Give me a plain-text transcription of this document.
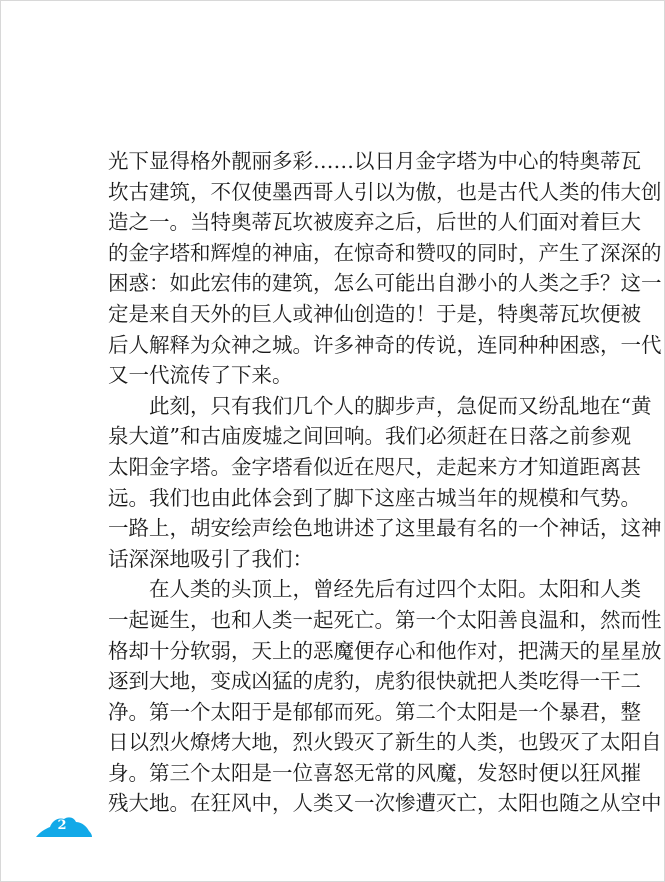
光下显得格外靓丽多彩……以日月金字塔为中心的特奥蒂瓦
坎古建筑，不仅使墨西哥人引以为傲，也是古代人类的伟大创
造之一。当特奥蒂瓦坎被废弃之后，后世的人们面对着巨大
的金字塔和辉煌的神庙，在惊奇和赞叹的同时，产生了深深的
困惑：如此宏伟的建筑，怎么可能出自渺小的人类之手？这一
定是来自天外的巨人或神仙创造的！于是，特奥蒂瓦坎便被
后人解释为众神之城。许多神奇的传说，连同种种困惑，一代
又一代流传了下来。
　　此刻，只有我们几个人的脚步声，急促而又纷乱地在“黄
泉大道”和古庙废墟之间回响。我们必须赶在日落之前参观
太阳金字塔。金字塔看似近在咫尺，走起来方才知道距离甚
远。我们也由此体会到了脚下这座古城当年的规模和气势。
一路上，胡安绘声绘色地讲述了这里最有名的一个神话，这神
话深深地吸引了我们：
　　在人类的头顶上，曾经先后有过四个太阳。太阳和人类
一起诞生，也和人类一起死亡。第一个太阳善良温和，然而性
格却十分软弱，天上的恶魔便存心和他作对，把满天的星星放
逐到大地，变成凶猛的虎豹，虎豹很快就把人类吃得一干二
净。第一个太阳于是郁郁而死。第二个太阳是一个暴君，整
日以烈火燎烤大地，烈火毁灭了新生的人类，也毁灭了太阳自
身。第三个太阳是一位喜怒无常的风魔，发怒时便以狂风摧
残大地。在狂风中，人类又一次惨遭灭亡，太阳也随之从空中
2
